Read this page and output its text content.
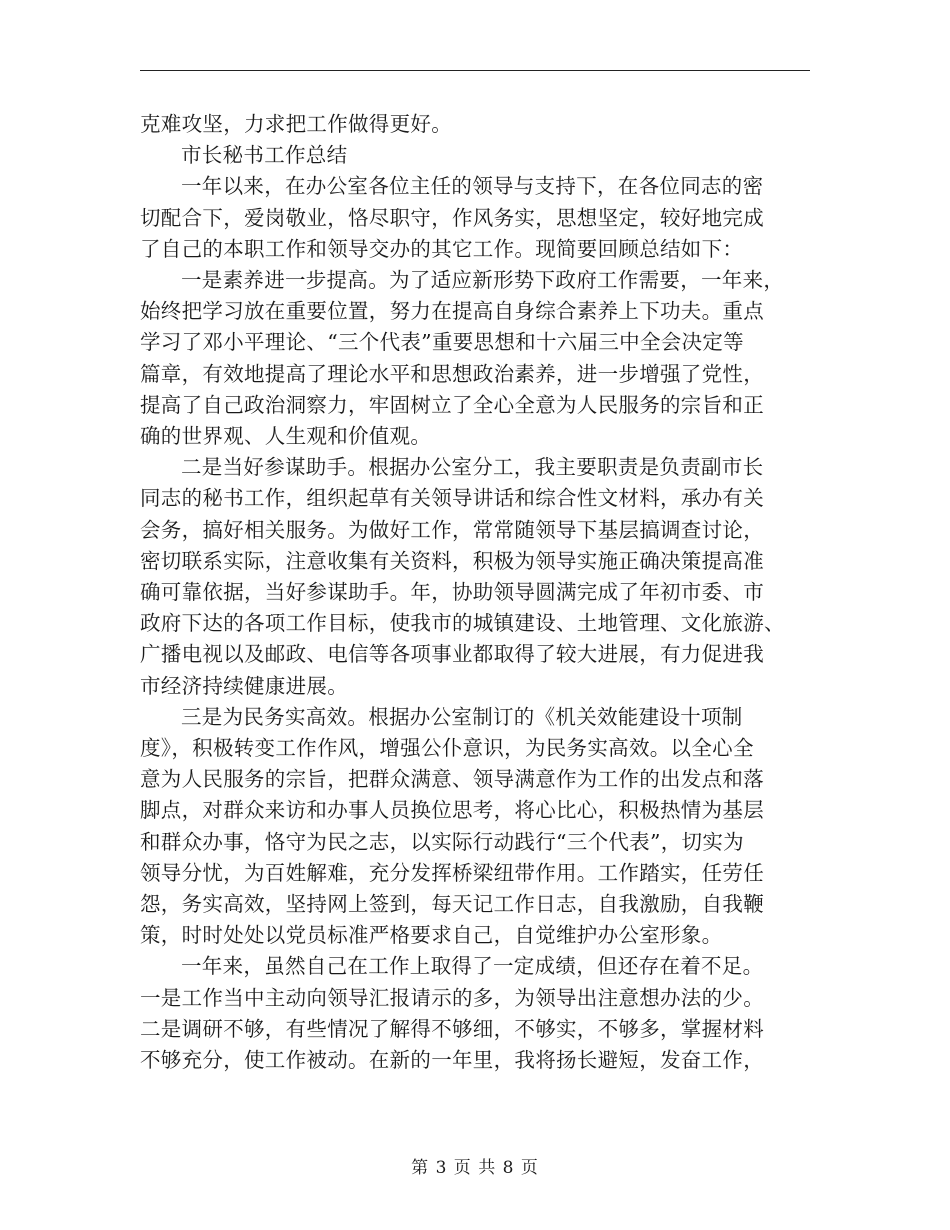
克难攻坚，力求把工作做得更好。
市长秘书工作总结
一年以来，在办公室各位主任的领导与支持下，在各位同志的密
切配合下，爱岗敬业，恪尽职守，作风务实，思想坚定，较好地完成
了自己的本职工作和领导交办的其它工作。现简要回顾总结如下：
一是素养进一步提高。为了适应新形势下政府工作需要，一年来，
始终把学习放在重要位置，努力在提高自身综合素养上下功夫。重点
学习了邓小平理论、“三个代表”重要思想和十六届三中全会决定等
篇章，有效地提高了理论水平和思想政治素养，进一步增强了党性，
提高了自己政治洞察力，牢固树立了全心全意为人民服务的宗旨和正
确的世界观、人生观和价值观。
二是当好参谋助手。根据办公室分工，我主要职责是负责副市长
同志的秘书工作，组织起草有关领导讲话和综合性文材料，承办有关
会务，搞好相关服务。为做好工作，常常随领导下基层搞调查讨论，
密切联系实际，注意收集有关资料，积极为领导实施正确决策提高准
确可靠依据，当好参谋助手。年，协助领导圆满完成了年初市委、市
政府下达的各项工作目标，使我市的城镇建设、土地管理、文化旅游、
广播电视以及邮政、电信等各项事业都取得了较大进展，有力促进我
市经济持续健康进展。
三是为民务实高效。根据办公室制订的《机关效能建设十项制
度》，积极转变工作作风，增强公仆意识，为民务实高效。以全心全
意为人民服务的宗旨，把群众满意、领导满意作为工作的出发点和落
脚点，对群众来访和办事人员换位思考，将心比心，积极热情为基层
和群众办事，恪守为民之志，以实际行动践行“三个代表”，切实为
领导分忧，为百姓解难，充分发挥桥梁纽带作用。工作踏实，任劳任
怨，务实高效，坚持网上签到，每天记工作日志，自我激励，自我鞭
策，时时处处以党员标准严格要求自己，自觉维护办公室形象。
一年来，虽然自己在工作上取得了一定成绩，但还存在着不足。
一是工作当中主动向领导汇报请示的多，为领导出注意想办法的少。
二是调研不够，有些情况了解得不够细，不够实，不够多，掌握材料
不够充分，使工作被动。在新的一年里，我将扬长避短，发奋工作，
第 3 页 共 8 页
